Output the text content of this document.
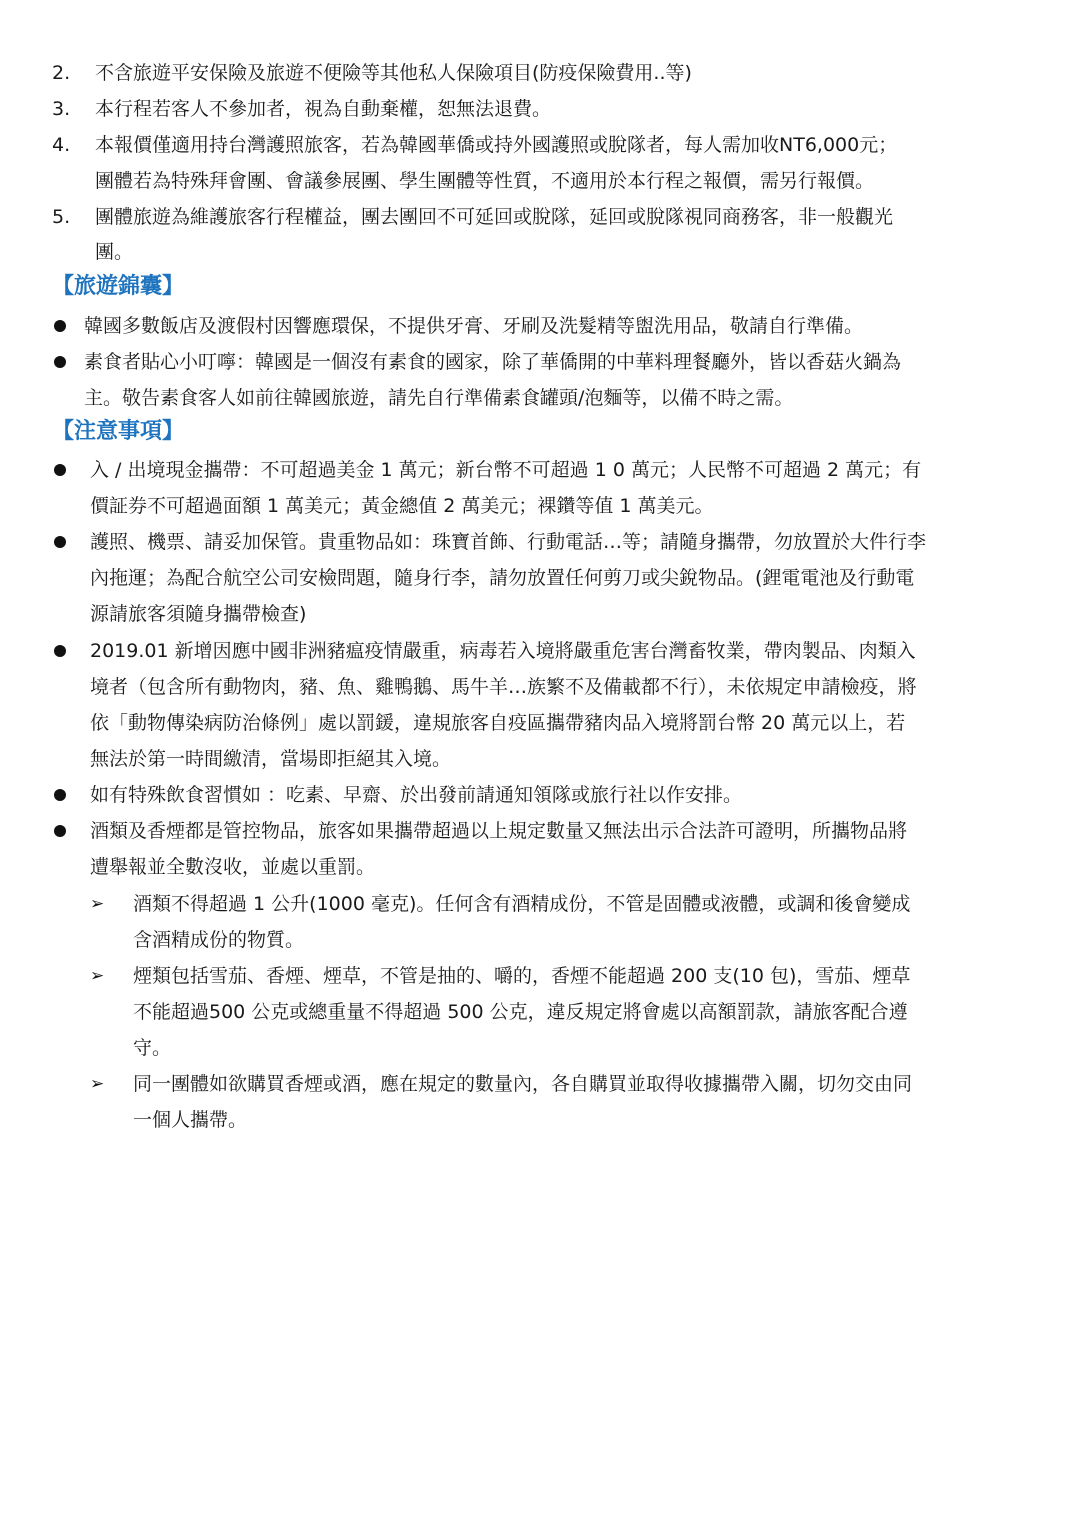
2. 不含旅遊平安保險及旅遊不便險等其他私人保險項目(防疫保險費用..等)
3. 本行程若客人不參加者，視為自動棄權，恕無法退費。
4. 本報價僅適用持台灣護照旅客，若為韓國華僑或持外國護照或脫隊者，每人需加收NT6,000元；
團體若為特殊拜會團、會議參展團、學生團體等性質，不適用於本行程之報價，需另行報價。
5. 團體旅遊為維護旅客行程權益，團去團回不可延回或脫隊，延回或脫隊視同商務客，非一般觀光
團。
【旅遊錦囊】
韓國多數飯店及渡假村因響應環保，不提供牙膏、牙刷及洗髮精等盥洗用品，敬請自行準備。
素食者貼心小叮嚀：韓國是一個沒有素食的國家，除了華僑開的中華料理餐廳外，皆以香菇火鍋為
主。敬告素食客人如前往韓國旅遊，請先自行準備素食罐頭/泡麵等，以備不時之需。
【注意事項】
入 / 出境現金攜帶：不可超過美金 1 萬元；新台幣不可超過 1 0 萬元；人民幣不可超過 2 萬元；有
價証券不可超過面額 1 萬美元；黃金總值 2 萬美元；裸鑽等值 1 萬美元。
護照、機票、請妥加保管。貴重物品如：珠寶首飾、行動電話…等；請隨身攜帶，勿放置於大件行李
內拖運；為配合航空公司安檢問題，隨身行李，請勿放置任何剪刀或尖銳物品。(鋰電電池及行動電
源請旅客須隨身攜帶檢查)
2019.01 新增因應中國非洲豬瘟疫情嚴重，病毒若入境將嚴重危害台灣畜牧業，帶肉製品、肉類入
境者（包含所有動物肉，豬、魚、雞鴨鵝、馬牛羊…族繁不及備載都不行），未依規定申請檢疫，將
依「動物傳染病防治條例」處以罰鍰，違規旅客自疫區攜帶豬肉品入境將罰台幣 20 萬元以上，若
無法於第一時間繳清，當場即拒絕其入境。
如有特殊飲食習慣如 ：吃素、早齋、於出發前請通知領隊或旅行社以作安排。
酒類及香煙都是管控物品，旅客如果攜帶超過以上規定數量又無法出示合法許可證明，所攜物品將
遭舉報並全數沒收，並處以重罰。
➢ 酒類不得超過 1 公升(1000 毫克)。任何含有酒精成份，不管是固體或液體，或調和後會變成
含酒精成份的物質。
➢ 煙類包括雪茄、香煙、煙草，不管是抽的、嚼的，香煙不能超過 200 支(10 包)，雪茄、煙草
不能超過500 公克或總重量不得超過 500 公克，違反規定將會處以高額罰款，請旅客配合遵
守。
➢ 同一團體如欲購買香煙或酒，應在規定的數量內，各自購買並取得收據攜帶入關，切勿交由同
一個人攜帶。
